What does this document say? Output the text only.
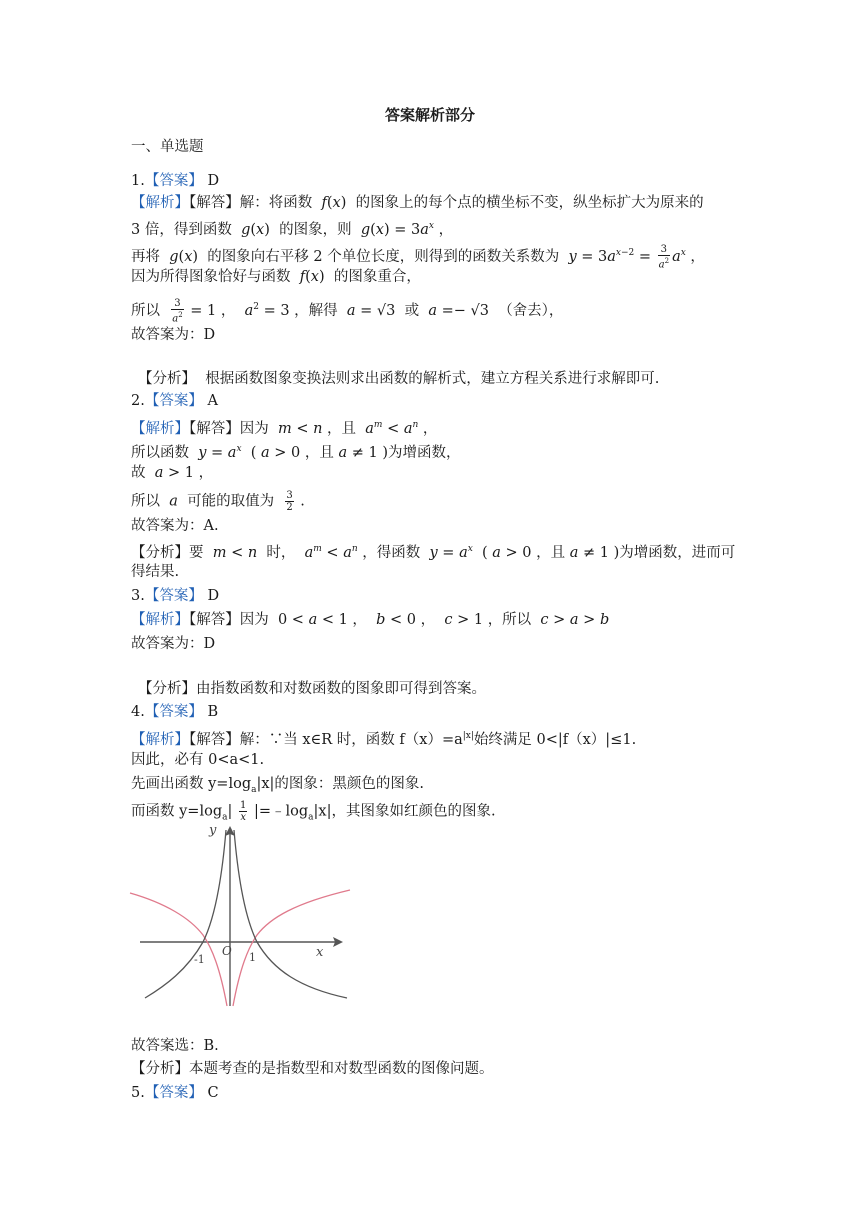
答案解析部分
一、单选题
1.【答案】 D
【解析】【解答】解：将函数 f(x)  的图象上的每个点的横坐标不变，纵坐标扩大为原来的
3 倍，得到函数 g(x)  的图象，则 $g(x) = 3a^x$ ，
再将 g(x)  的图象向右平移 2 个单位长度，则得到的函数关系数为 $y = 3a^{x-2} = \frac{3}{a^2} a^x$ ，
因为所得图象恰好与函数 f(x)  的图象重合，
所以 $\frac{3}{a^2} = 1$ ，  $a^2 = 3$ ，解得 a = √3  或 a =− √3  （舍去），
故答案为：D
【分析】 根据函数图象变换法则求出函数的解析式，建立方程关系进行求解即可.
2.【答案】 A
【解析】【解答】因为 m < n ，且 $a^m < a^n$ ，
所以函数 $y = a^x$  ( a > 0 ，且 a ≠ 1 )为增函数，
故 a > 1 ，
所以 a 可能的取值为 $\frac{3}{2}$ .
故答案为：A.
【分析】要 m < n 时， $a^m < a^n$ ，得函数 $y = a^x$  ( a > 0 ，且 a ≠ 1 )为增函数，进而可
得结果.
3.【答案】 D
【解析】【解答】因为  0 < a < 1 ，  b < 0 ，  c > 1 ，所以 c > a > b
故答案为：D
【分析】由指数函数和对数函数的图象即可得到答案。
4.【答案】 B
【解析】【解答】解：∵当 x∈R 时，函数 $f(x)=a^{|x|}$始终满足 0<|f（x）|≤1.
因此，必有 0<a<1.
先画出函数 $y=\log_a|x|$的图象：黑颜色的图象.
而函数 $y=\log_a| \frac{1}{x}$ $|=﹣\log_a|x|$，其图象如红颜色的图象.
y
x
O
-1	1
故答案选：B.
【分析】本题考查的是指数型和对数型函数的图像问题。
5.【答案】 C
